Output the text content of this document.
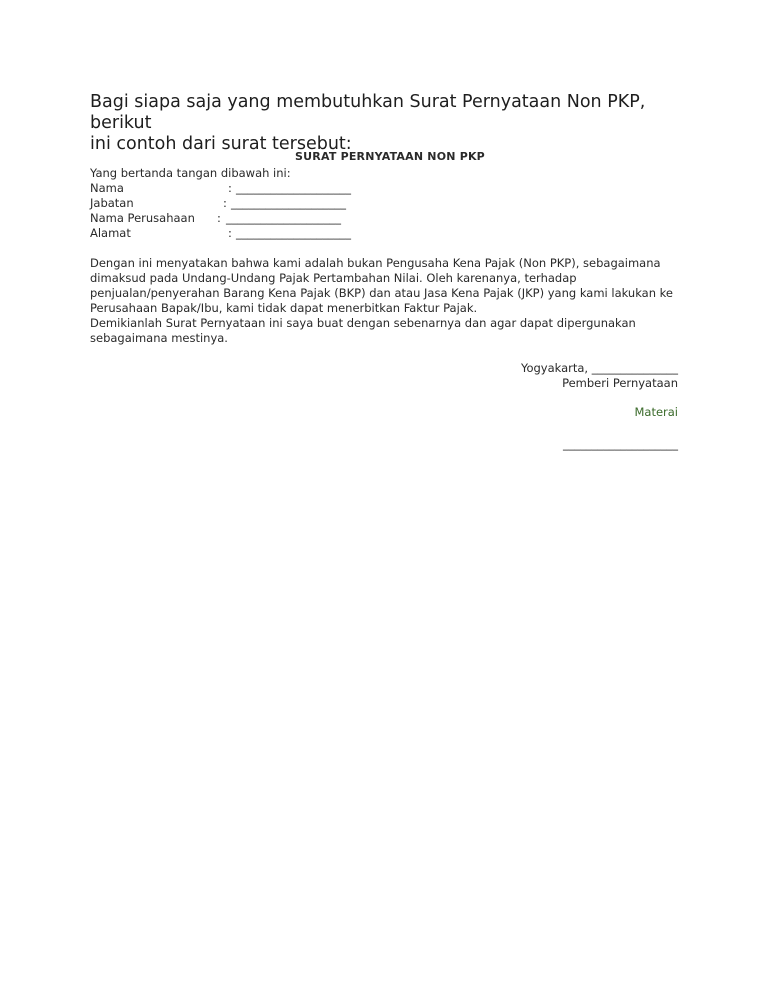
Bagi siapa saja yang membutuhkan Surat Pernyataan Non PKP, berikut
ini contoh dari surat tersebut:
SURAT PERNYATAAN NON PKP

Yang bertanda tangan dibawah ini:

Nama	: ____________________
Jabatan	: ____________________
Nama Perusahaan : ____________________
Alamat	: ____________________

Dengan ini menyatakan bahwa kami adalah bukan Pengusaha Kena Pajak (Non PKP), sebagaimana

dimaksud pada Undang-Undang Pajak Pertambahan Nilai. Oleh karenanya, terhadap

penjualan/penyerahan Barang Kena Pajak (BKP) dan atau Jasa Kena Pajak (JKP) yang kami lakukan ke

Perusahaan Bapak/Ibu, kami tidak dapat menerbitkan Faktur Pajak.

Demikianlah Surat Pernyataan ini saya buat dengan sebenarnya dan agar dapat dipergunakan

sebagaimana mestinya.

Yogyakarta, _______________

Pemberi Pernyataan

Materai

____________________
